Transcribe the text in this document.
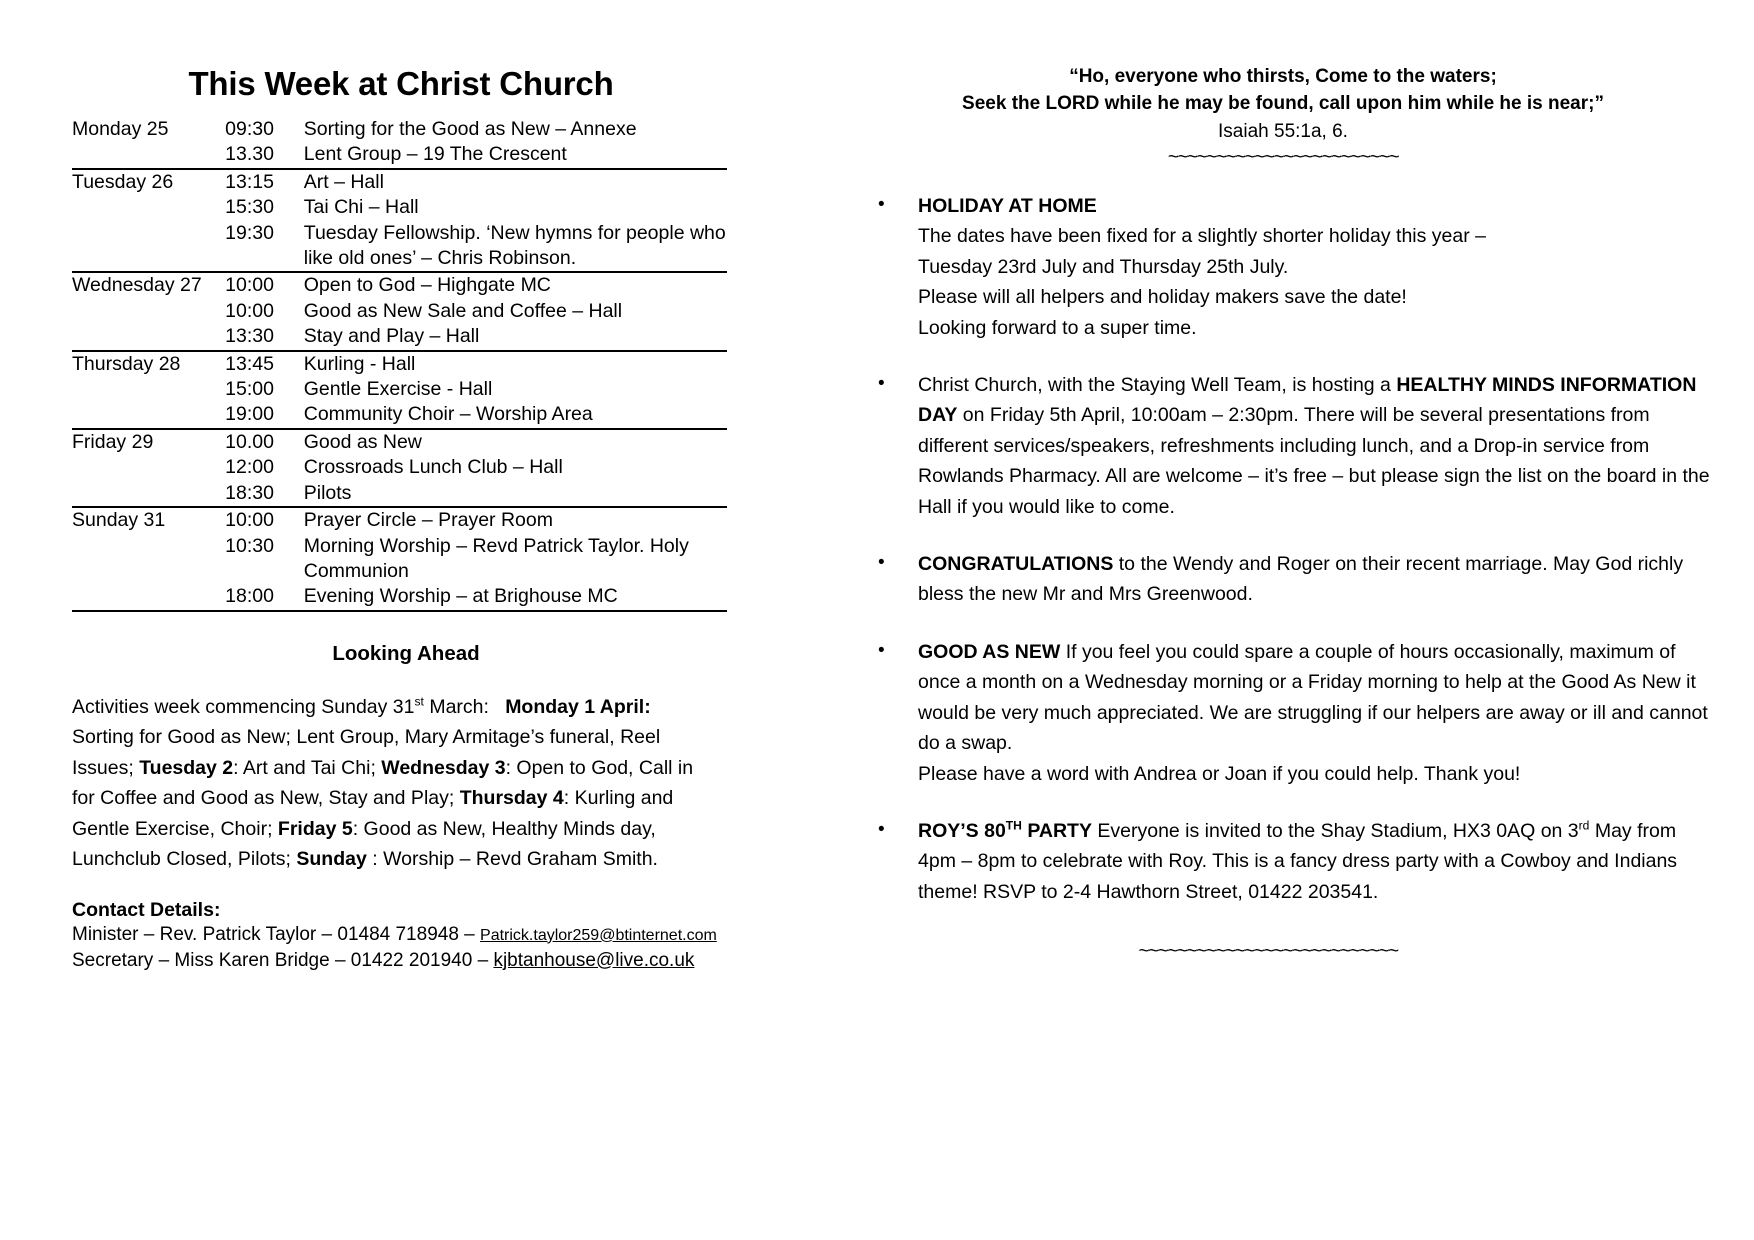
This Week at Christ Church
Monday 25	09:30	Sorting for the Good as New – Annexe
	13.30	Lent Group – 19 The Crescent
Tuesday 26	13:15	Art – Hall
	15:30	Tai Chi – Hall
	19:30	Tuesday Fellowship. ‘New hymns for people who like old ones’ – Chris Robinson.
Wednesday 27	10:00	Open to God – Highgate MC
	10:00	Good as New Sale and Coffee – Hall
	13:30	Stay and Play – Hall
Thursday 28	13:45	Kurling - Hall
	15:00	Gentle Exercise - Hall
	19:00	Community Choir – Worship Area
Friday 29	10.00	Good as New
	12:00	Crossroads Lunch Club – Hall
	18:30	Pilots
Sunday 31	10:00	Prayer Circle – Prayer Room
	10:30	Morning Worship – Revd Patrick Taylor. Holy Communion
	18:00	Evening Worship – at Brighouse MC
Looking Ahead
Activities week commencing Sunday 31st March: Monday 1 April: Sorting for Good as New; Lent Group, Mary Armitage’s funeral, Reel Issues; Tuesday 2: Art and Tai Chi; Wednesday 3: Open to God, Call in for Coffee and Good as New, Stay and Play; Thursday 4: Kurling and Gentle Exercise, Choir; Friday 5: Good as New, Healthy Minds day, Lunchclub Closed, Pilots; Sunday : Worship – Revd Graham Smith.
Contact Details:
Minister – Rev. Patrick Taylor – 01484 718948 – Patrick.taylor259@btinternet.com
Secretary – Miss Karen Bridge – 01422 201940 – kjbtanhouse@live.co.uk
“Ho, everyone who thirsts, Come to the waters;
Seek the LORD while he may be found, call upon him while he is near;”
Isaiah 55:1a, 6.
~~~~~~~~~~~~~~~~~~~~~~~~
• HOLIDAY AT HOME
The dates have been fixed for a slightly shorter holiday this year –
Tuesday 23rd July and Thursday 25th July.
Please will all helpers and holiday makers save the date!
Looking forward to a super time.
• Christ Church, with the Staying Well Team, is hosting a HEALTHY MINDS INFORMATION DAY on Friday 5th April, 10:00am – 2:30pm. There will be several presentations from different services/speakers, refreshments including lunch, and a Drop-in service from Rowlands Pharmacy. All are welcome – it’s free – but please sign the list on the board in the Hall if you would like to come.
• CONGRATULATIONS to the Wendy and Roger on their recent marriage. May God richly bless the new Mr and Mrs Greenwood.
• GOOD AS NEW If you feel you could spare a couple of hours occasionally, maximum of once a month on a Wednesday morning or a Friday morning to help at the Good As New it would be very much appreciated. We are struggling if our helpers are away or ill and cannot do a swap.
Please have a word with Andrea or Joan if you could help. Thank you!
• ROY’S 80TH PARTY Everyone is invited to the Shay Stadium, HX3 0AQ on 3rd May from 4pm – 8pm to celebrate with Roy. This is a fancy dress party with a Cowboy and Indians theme! RSVP to 2-4 Hawthorn Street, 01422 203541.
~~~~~~~~~~~~~~~~~~~~~~~~~~~
